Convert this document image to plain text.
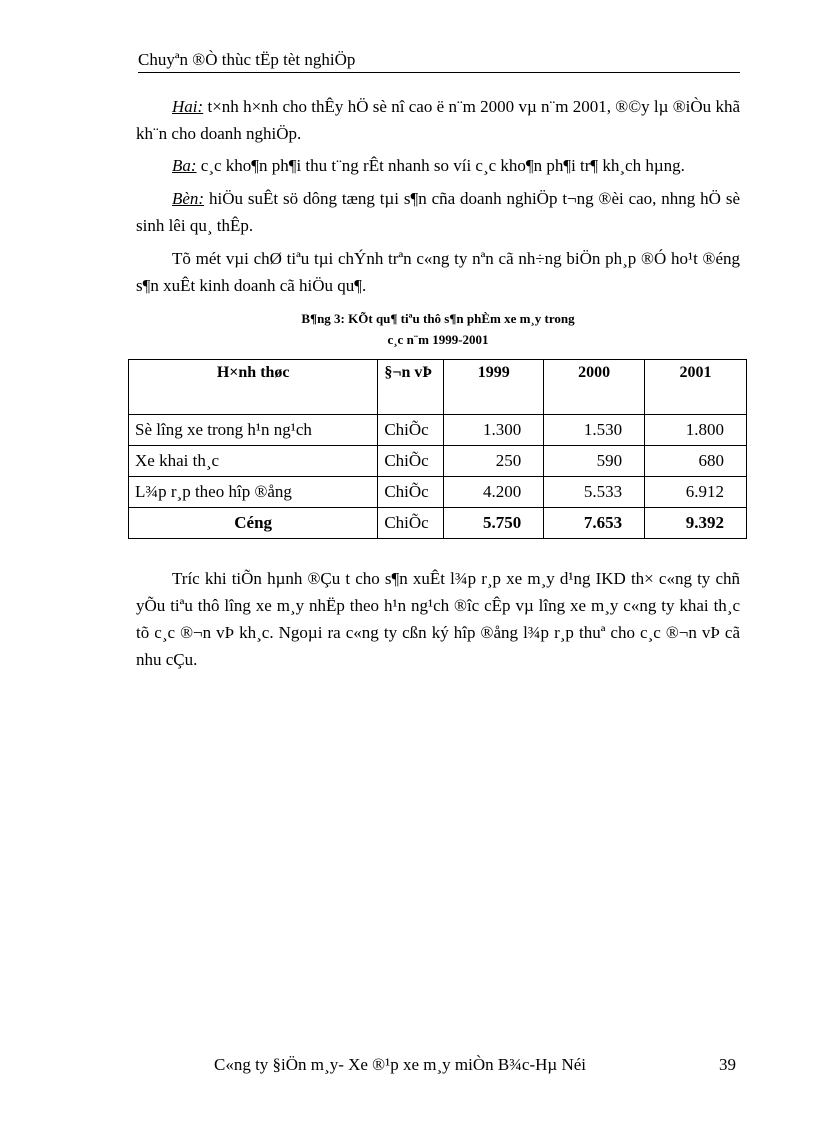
Chuyªn ®Ò thùc tËp tèt nghiÖp

Hai: t×nh h×nh cho thÊy hÖ sè nî cao ë n¨m 2000 vµ n¨m 2001, ®©y lµ ®iÒu khã kh¨n cho doanh nghiÖp.

Ba: c¸c kho¶n ph¶i thu t¨ng rÊt nhanh so víi c¸c kho¶n ph¶i tr¶ kh¸ch hµng.

Bèn: hiÖu suÊt sö dông tæng tµi s¶n cña doanh nghiÖp t¬ng ®èi cao, nhng hÖ sè sinh lêi qu¸ thÊp.

Tõ mét vµi chØ tiªu tµi chÝnh trªn c«ng ty nªn cã nh÷ng biÖn ph¸p ®Ó ho¹t ®éng s¶n xuÊt kinh doanh cã hiÖu qu¶.

B¶ng 3: KÕt qu¶ tiªu thô s¶n phÈm xe m¸y trong
c¸c n¨m 1999-2001
H×nh thøc	§¬n vÞ	1999	2000	2001
Sè lîng xe trong h¹n ng¹ch	ChiÕc	1.300	1.530	1.800
Xe khai th¸c	ChiÕc	250	590	680
L¾p r¸p theo hîp ®ång	ChiÕc	4.200	5.533	6.912
Céng	ChiÕc	5.750	7.653	9.392

Tríc khi tiÕn hµnh ®Çu t cho s¶n xuÊt l¾p r¸p xe m¸y d¹ng IKD th× c«ng ty chñ yÕu tiªu thô lîng xe m¸y nhËp theo h¹n ng¹ch ®îc cÊp vµ lîng xe m¸y c«ng ty khai th¸c tõ c¸c ®¬n vÞ kh¸c. Ngoµi ra c«ng ty cßn ký hîp ®ång l¾p r¸p thuª cho c¸c ®¬n vÞ cã nhu cÇu.

C«ng ty §iÖn m¸y- Xe ®¹p xe m¸y miÒn B¾c-Hµ Néi	39
